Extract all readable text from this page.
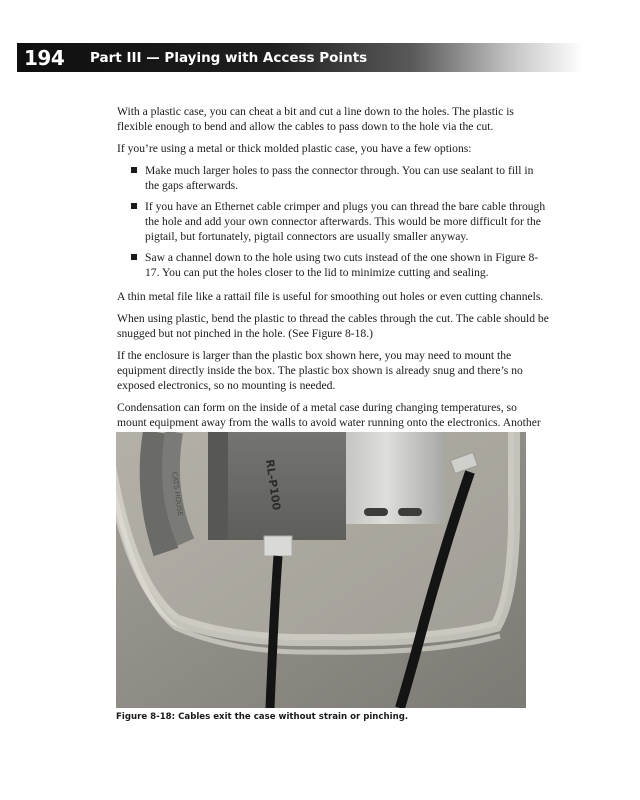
194 Part III — Playing with Access Points

With a plastic case, you can cheat a bit and cut a line down to the holes. The plastic is flexible enough to bend and allow the cables to pass down to the hole via the cut.

If you’re using a metal or thick molded plastic case, you have a few options:

Make much larger holes to pass the connector through. You can use sealant to fill in the gaps afterwards.
If you have an Ethernet cable crimper and plugs you can thread the bare cable through the hole and add your own connector afterwards. This would be more difficult for the pigtail, but fortunately, pigtail connectors are usually smaller anyway.
Saw a channel down to the hole using two cuts instead of the one shown in Figure 8-17. You can put the holes closer to the lid to minimize cutting and sealing.

A thin metal file like a rattail file is useful for smoothing out holes or even cutting channels.

When using plastic, bend the plastic to thread the cables through the cut. The cable should be snugged but not pinched in the hole. (See Figure 8-18.)

If the enclosure is larger than the plastic box shown here, you may need to mount the equipment directly inside the box. The plastic box shown is already snug and there’s no exposed electronics, so no mounting is needed.

Condensation can form on the inside of a metal case during changing temperatures, so mount equipment away from the walls to avoid water running onto the electronics. Another

RL-P100
CAT5 HOUSE
Figure 8-18: Cables exit the case without strain or pinching.
